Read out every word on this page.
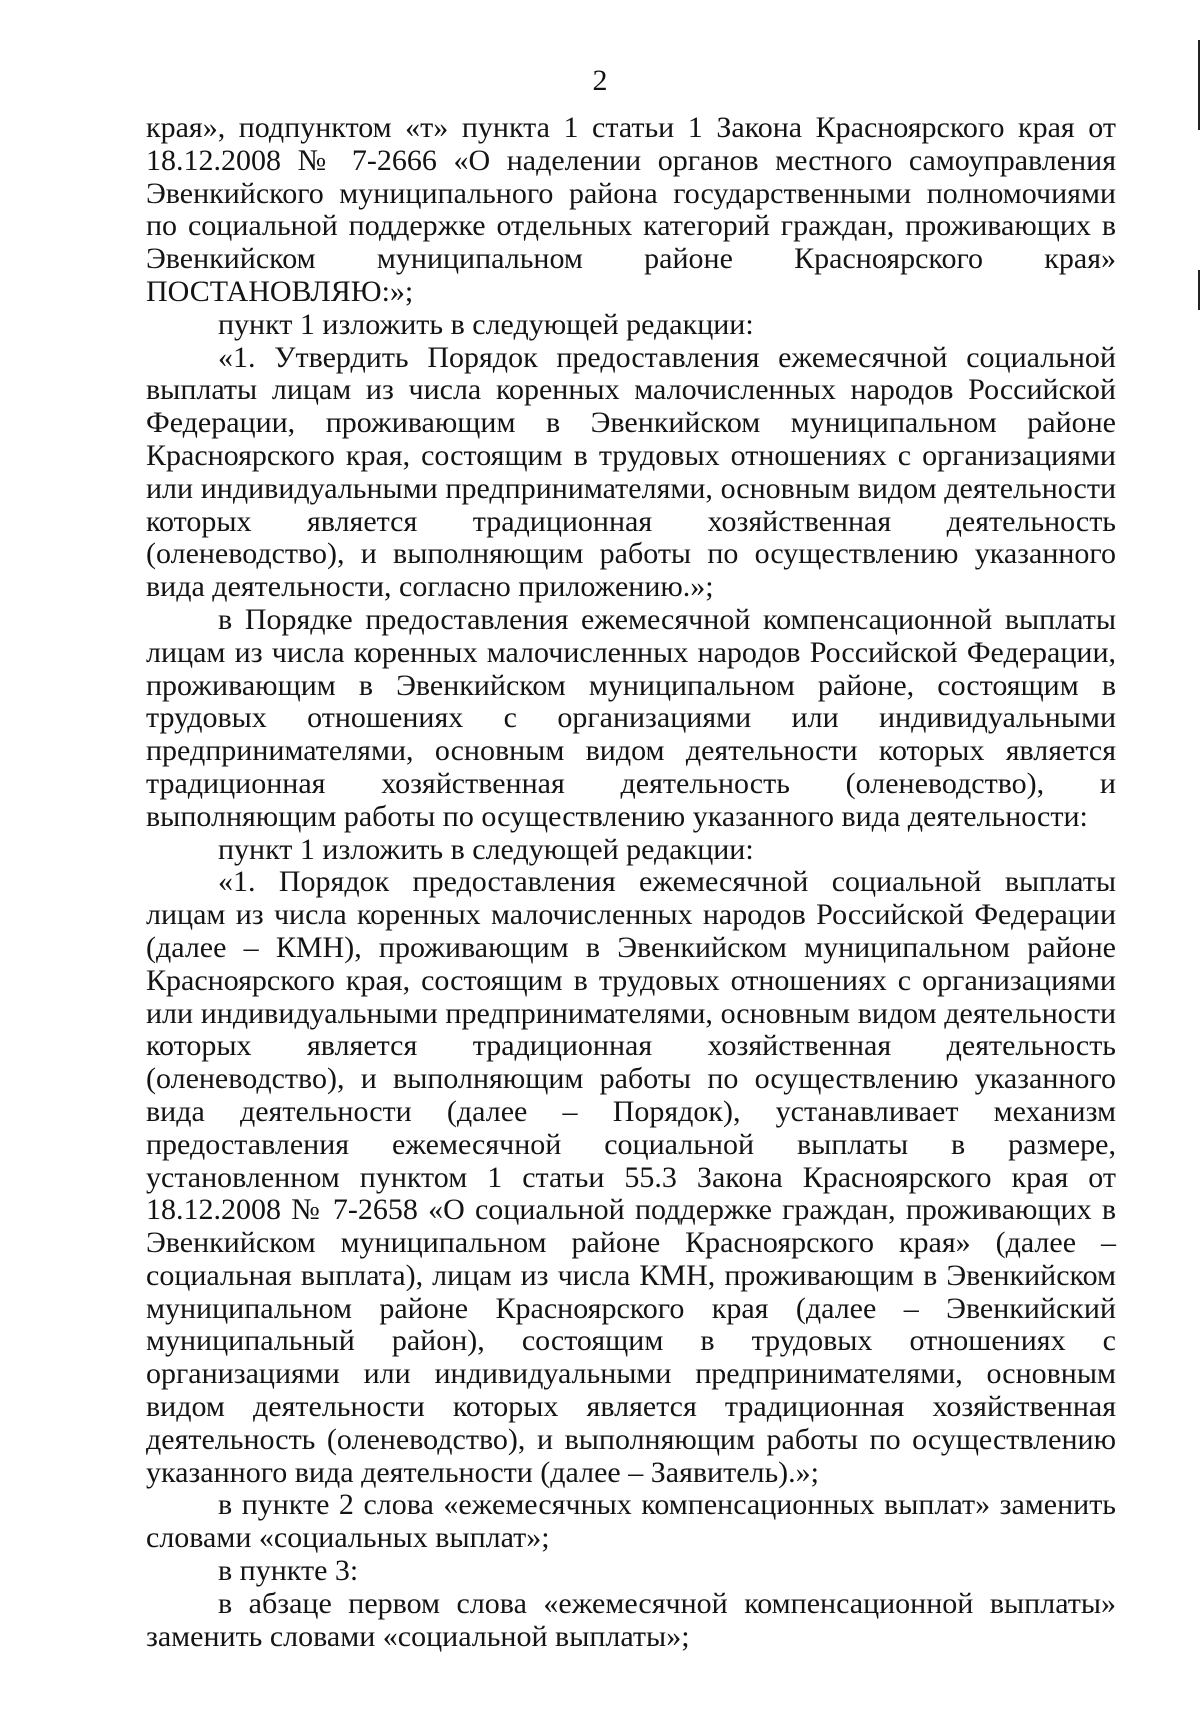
2

края», подпунктом «т» пункта 1 статьи 1 Закона Красноярского края от 18.12.2008 № 7-2666 «О наделении органов местного самоуправления Эвенкийского муниципального района государственными полномочиями по социальной поддержке отдельных категорий граждан, проживающих в Эвенкийском муниципальном районе Красноярского края» ПОСТАНОВЛЯЮ:»;

пункт 1 изложить в следующей редакции:

«1. Утвердить Порядок предоставления ежемесячной социальной выплаты лицам из числа коренных малочисленных народов Российской Федерации, проживающим в Эвенкийском муниципальном районе Красноярского края, состоящим в трудовых отношениях с организациями или индивидуальными предпринимателями, основным видом деятельности которых является традиционная хозяйственная деятельность (оленеводство), и выполняющим работы по осуществлению указанного вида деятельности, согласно приложению.»;

в Порядке предоставления ежемесячной компенсационной выплаты лицам из числа коренных малочисленных народов Российской Федерации, проживающим в Эвенкийском муниципальном районе, состоящим в трудовых отношениях с организациями или индивидуальными предпринимателями, основным видом деятельности которых является традиционная хозяйственная деятельность (оленеводство), и выполняющим работы по осуществлению указанного вида деятельности:

пункт 1 изложить в следующей редакции:

«1. Порядок предоставления ежемесячной социальной выплаты лицам из числа коренных малочисленных народов Российской Федерации (далее – КМН), проживающим в Эвенкийском муниципальном районе Красноярского края, состоящим в трудовых отношениях с организациями или индивидуальными предпринимателями, основным видом деятельности которых является традиционная хозяйственная деятельность (оленеводство), и выполняющим работы по осуществлению указанного вида деятельности (далее – Порядок), устанавливает механизм предоставления ежемесячной социальной выплаты в размере, установленном пунктом 1 статьи 55.3 Закона Красноярского края от 18.12.2008 № 7-2658 «О социальной поддержке граждан, проживающих в Эвенкийском муниципальном районе Красноярского края» (далее – социальная выплата), лицам из числа КМН, проживающим в Эвенкийском муниципальном районе Красноярского края (далее – Эвенкийский муниципальный район), состоящим в трудовых отношениях с организациями или индивидуальными предпринимателями, основным видом деятельности которых является традиционная хозяйственная деятельность (оленеводство), и выполняющим работы по осуществлению указанного вида деятельности (далее – Заявитель).»;

в пункте 2 слова «ежемесячных компенсационных выплат» заменить словами «социальных выплат»;

в пункте 3:

в абзаце первом слова «ежемесячной компенсационной выплаты» заменить словами «социальной выплаты»;
